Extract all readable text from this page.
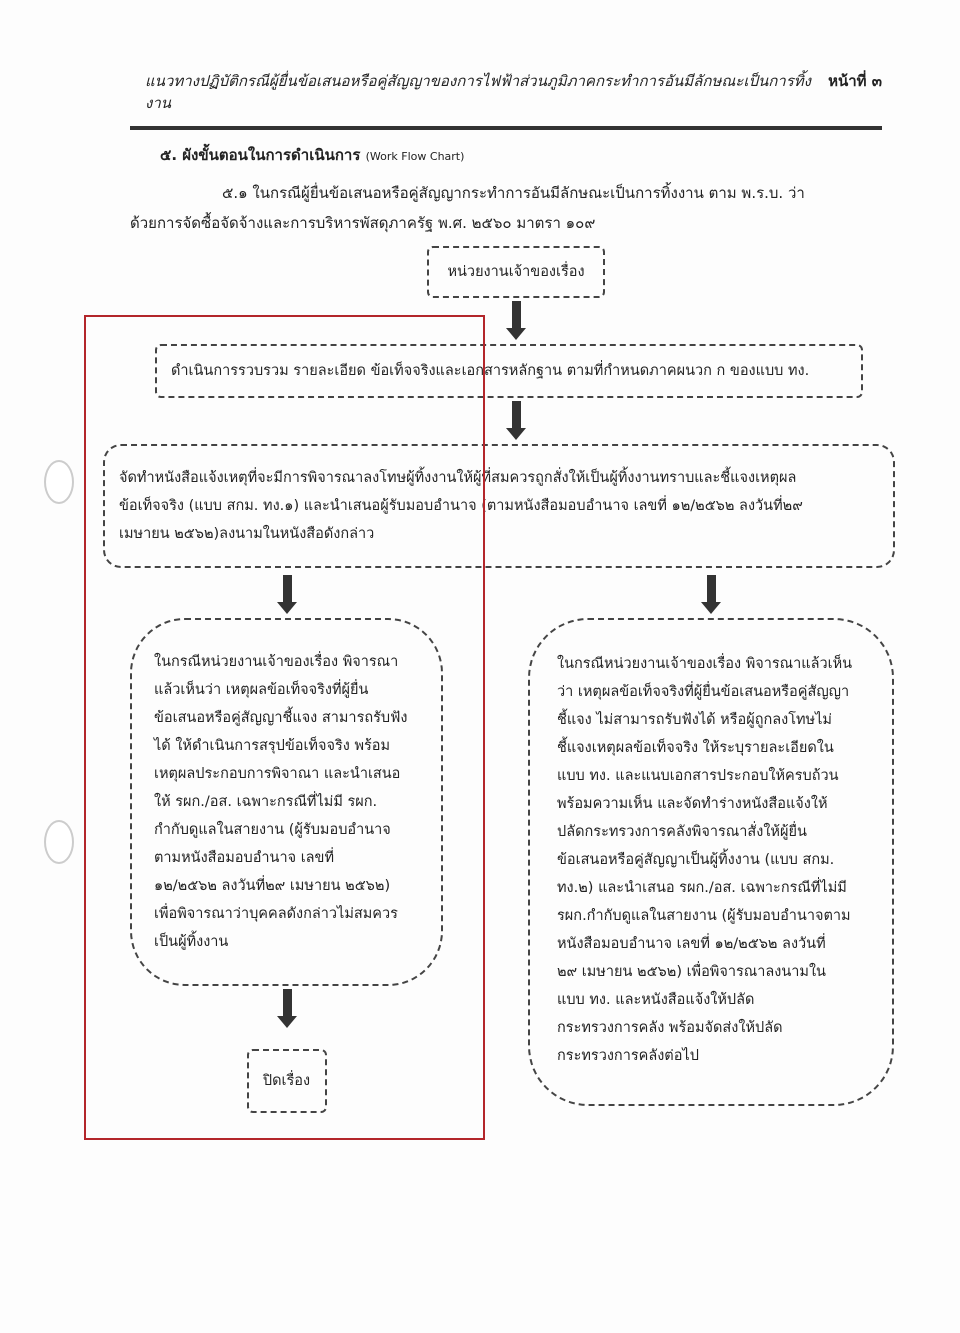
แนวทางปฏิบัติกรณีผู้ยื่นข้อเสนอหรือคู่สัญญาของการไฟฟ้าส่วนภูมิภาคกระทำการอันมีลักษณะเป็นการทิ้งงาน
หน้าที่ ๓
๕. ผังขั้นตอนในการดำเนินการ (Work Flow Chart)
๕.๑ ในกรณีผู้ยื่นข้อเสนอหรือคู่สัญญากระทำการอันมีลักษณะเป็นการทิ้งงาน ตาม พ.ร.บ. ว่า
ด้วยการจัดซื้อจัดจ้างและการบริหารพัสดุภาครัฐ พ.ศ. ๒๕๖๐ มาตรา ๑๐๙
หน่วยงานเจ้าของเรื่อง
ดำเนินการรวบรวม รายละเอียด ข้อเท็จจริงและเอกสารหลักฐาน ตามที่กำหนดภาคผนวก ก ของแบบ ทง.
จัดทำหนังสือแจ้งเหตุที่จะมีการพิจารณาลงโทษผู้ทิ้งงานให้ผู้ที่สมควรถูกสั่งให้เป็นผู้ทิ้งงานทราบและชี้แจงเหตุผล
ข้อเท็จจริง (แบบ สกม. ทง.๑) และนำเสนอผู้รับมอบอำนาจ (ตามหนังสือมอบอำนาจ เลขที่ ๑๒/๒๕๖๒ ลงวันที่๒๙
เมษายน ๒๕๖๒)ลงนามในหนังสือดังกล่าว
ในกรณีหน่วยงานเจ้าของเรื่อง พิจารณา
แล้วเห็นว่า เหตุผลข้อเท็จจริงที่ผู้ยื่น
ข้อเสนอหรือคู่สัญญาชี้แจง สามารถรับฟัง
ได้ ให้ดำเนินการสรุปข้อเท็จจริง พร้อม
เหตุผลประกอบการพิจาณา และนำเสนอ
ให้ รผก./อส. เฉพาะกรณีที่ไม่มี รผก.
กำกับดูแลในสายงาน (ผู้รับมอบอำนาจ
ตามหนังสือมอบอำนาจ เลขที่
๑๒/๒๕๖๒ ลงวันที่๒๙ เมษายน ๒๕๖๒)
เพื่อพิจารณาว่าบุคคลดังกล่าวไม่สมควร
เป็นผู้ทิ้งงาน
ปิดเรื่อง
ในกรณีหน่วยงานเจ้าของเรื่อง พิจารณาแล้วเห็น
ว่า เหตุผลข้อเท็จจริงที่ผู้ยื่นข้อเสนอหรือคู่สัญญา
ชี้แจง ไม่สามารถรับฟังได้ หรือผู้ถูกลงโทษไม่
ชี้แจงเหตุผลข้อเท็จจริง ให้ระบุรายละเอียดใน
แบบ ทง. และแนบเอกสารประกอบให้ครบถ้วน
พร้อมความเห็น และจัดทำร่างหนังสือแจ้งให้
ปลัดกระทรวงการคลังพิจารณาสั่งให้ผู้ยื่น
ข้อเสนอหรือคู่สัญญาเป็นผู้ทิ้งงาน (แบบ สกม.
ทง.๒) และนำเสนอ รผก./อส. เฉพาะกรณีที่ไม่มี
รผก.กำกับดูแลในสายงาน (ผู้รับมอบอำนาจตาม
หนังสือมอบอำนาจ เลขที่ ๑๒/๒๕๖๒ ลงวันที่
๒๙ เมษายน ๒๕๖๒) เพื่อพิจารณาลงนามใน
แบบ ทง. และหนังสือแจ้งให้ปลัด
กระทรวงการคลัง พร้อมจัดส่งให้ปลัด
กระทรวงการคลังต่อไป
